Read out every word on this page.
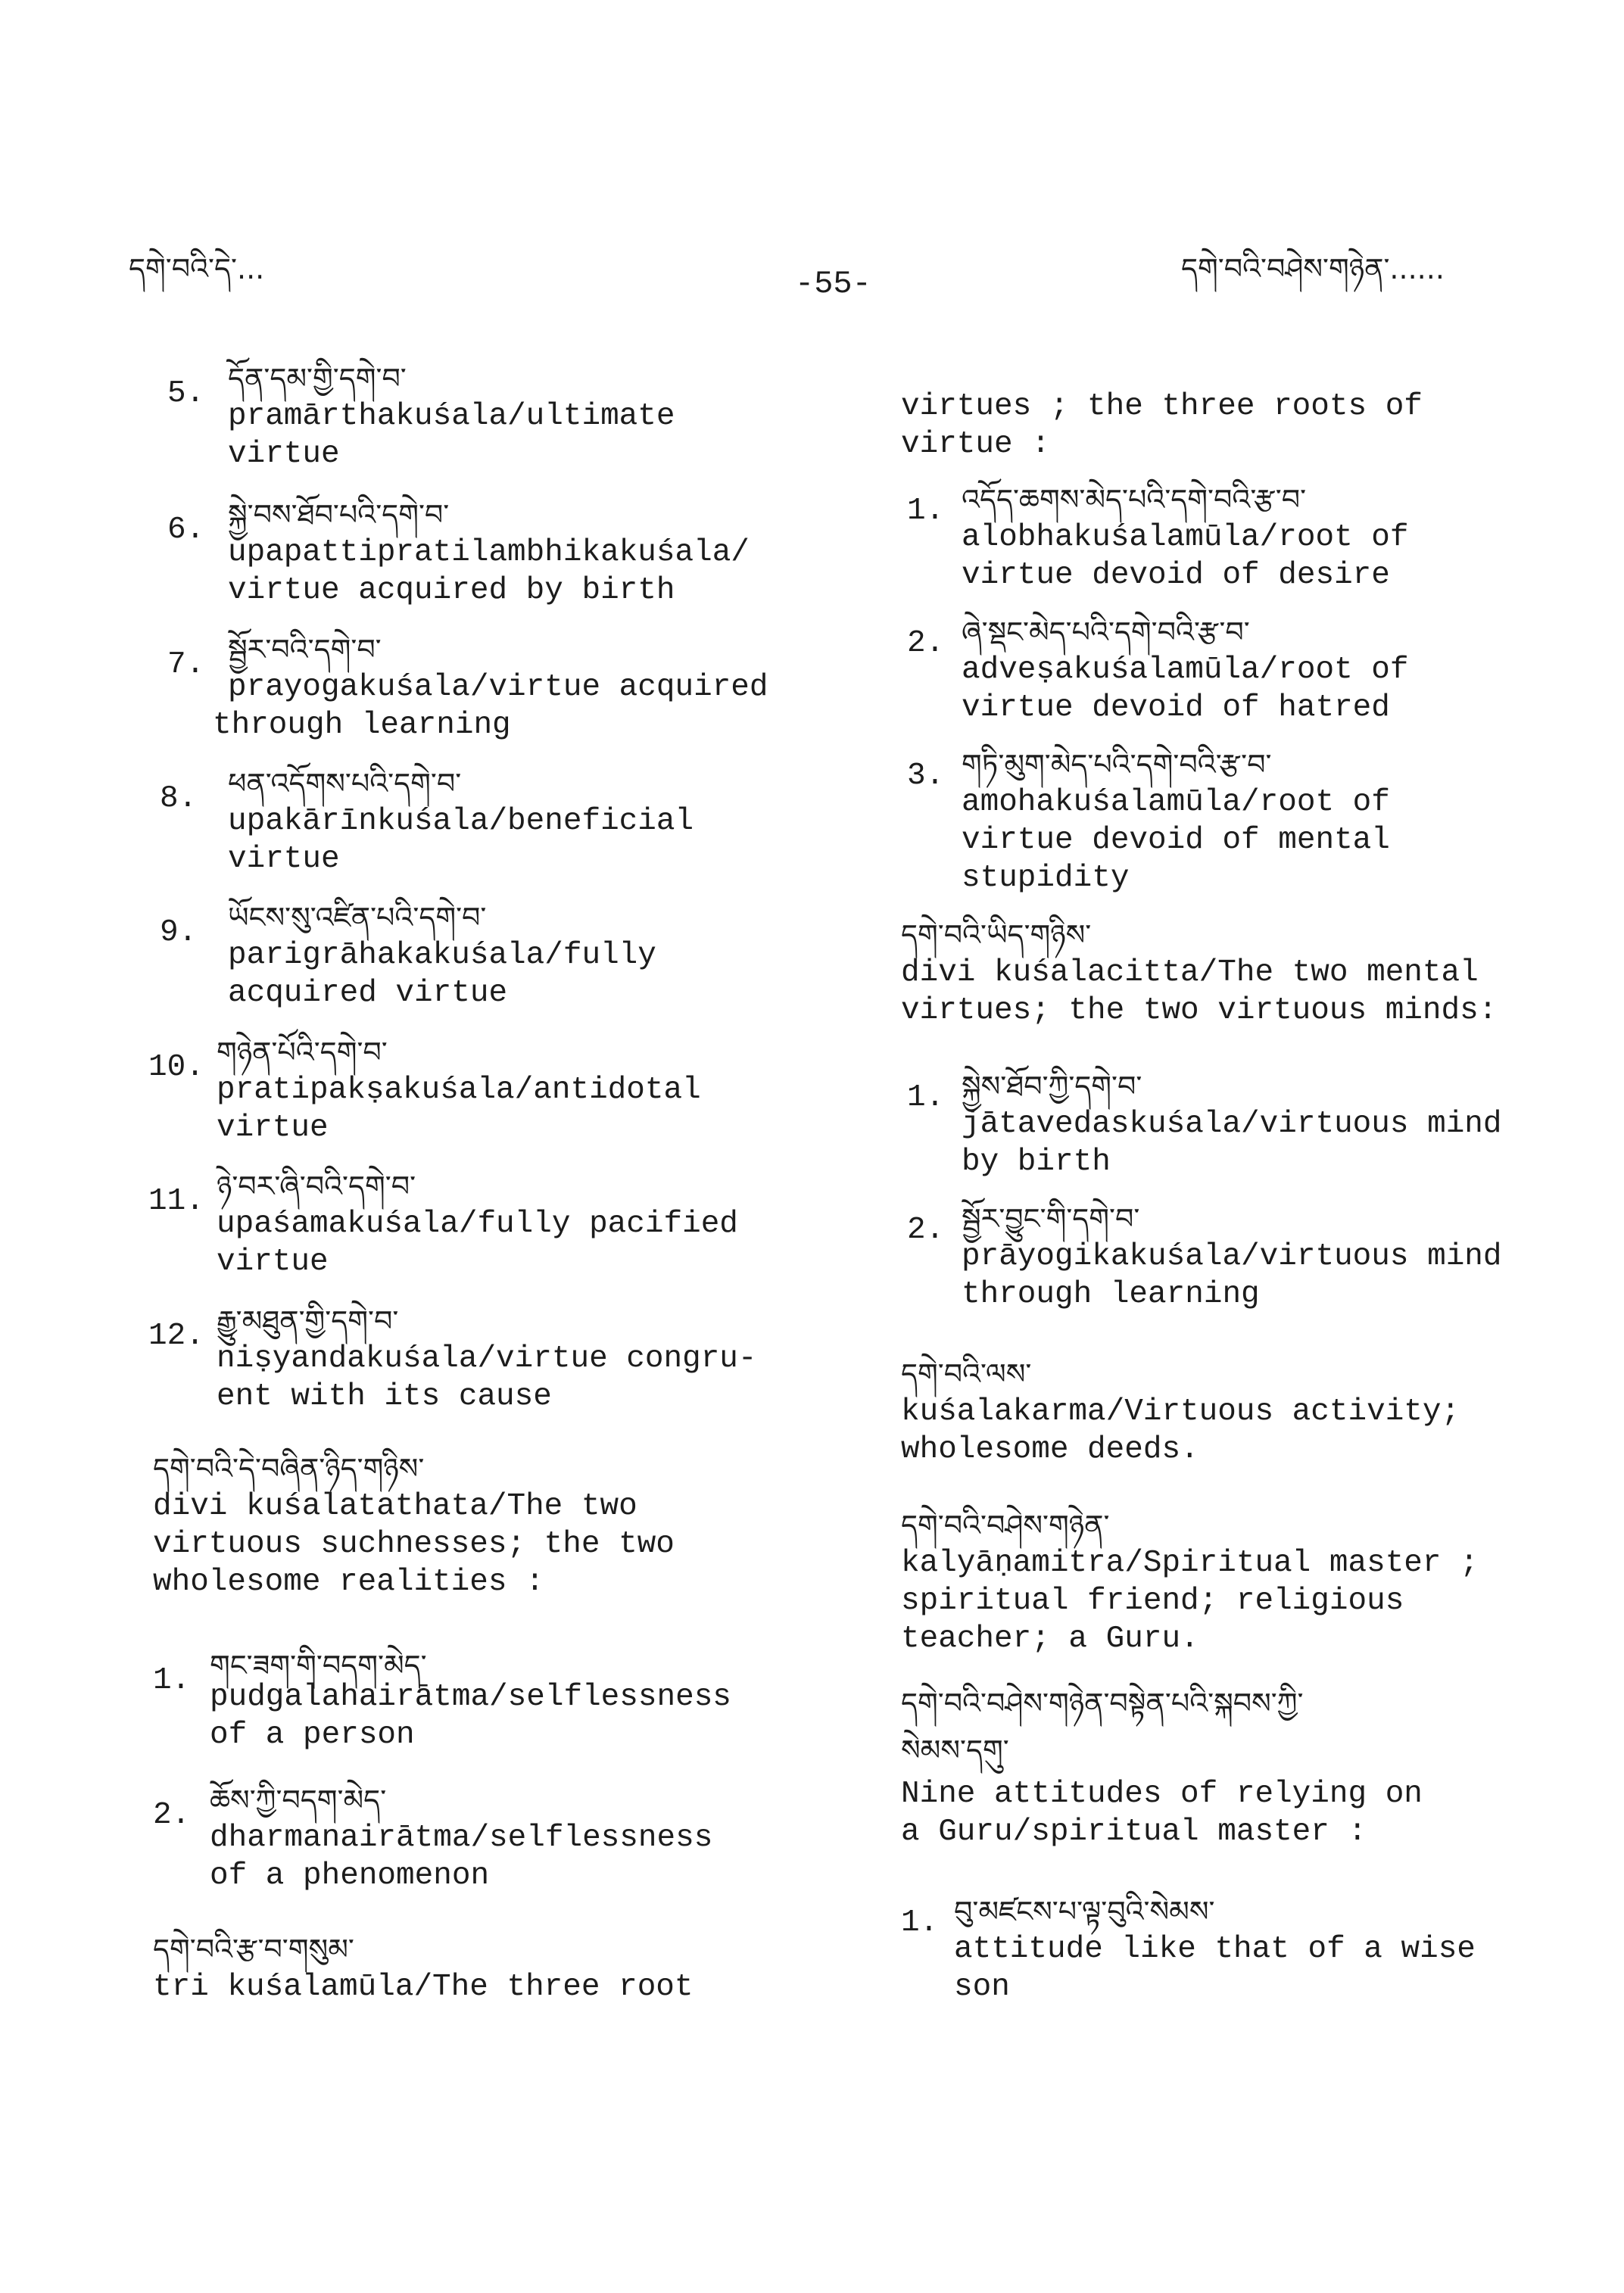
དགེ་བའི་དེ་...	-55-	དགེ་བའི་བཤེས་གཉེན་......
5. དོན་དམ་གྱི་དགེ་བ་
pramārthakuśala/ultimate
virtue
6. སྐྱེ་བས་ཐོབ་པའི་དགེ་བ་
upapattipratilambhikakuśala/
virtue acquired by birth
7. སྦྱོར་བའི་དགེ་བ་
prayogakuśala/virtue acquired
through learning
8. ཕན་འདོགས་པའི་དགེ་བ་
upakārīnkuśala/beneficial
virtue
9. ཡོངས་སུ་འཛིན་པའི་དགེ་བ་
parigrāhakakuśala/fully
acquired virtue
10. གཉེན་པོའི་དགེ་བ་
pratipakṣakuśala/antidotal
virtue
11. ཉེ་བར་ཞི་བའི་དགེ་བ་
upaśamakuśala/fully pacified
virtue
12. རྒྱུ་མཐུན་གྱི་དགེ་བ་
niṣyandakuśala/virtue congru-
ent with its cause
དགེ་བའི་དེ་བཞིན་ཉིད་གཉིས་
divi kuśalatathata/The two
virtuous suchnesses; the two
wholesome realities :
1. གང་ཟག་གི་བདག་མེད་
pudgalahairātma/selflessness
of a person
2. ཆོས་ཀྱི་བདག་མེད་
dharmanairātma/selflessness
of a phenomenon
དགེ་བའི་རྩ་བ་གསུམ་
tri kuśalamūla/The three root
virtues ; the three roots of
virtue :
1. འདོད་ཆགས་མེད་པའི་དགེ་བའི་རྩ་བ་
alobhakuśalamūla/root of
virtue devoid of desire
2. ཞེ་སྡང་མེད་པའི་དགེ་བའི་རྩ་བ་
adveṣakuśalamūla/root of
virtue devoid of hatred
3. གཏི་མུག་མེད་པའི་དགེ་བའི་རྩ་བ་
amohakuśalamūla/root of
virtue devoid of mental
stupidity
དགེ་བའི་ཡིད་གཉིས་
divi kuśalacitta/The two mental
virtues; the two virtuous minds:
1. སྐྱེས་ཐོབ་ཀྱི་དགེ་བ་
jātavedaskuśala/virtuous mind
by birth
2. སྦྱོར་བྱུང་གི་དགེ་བ་
prāyogikakuśala/virtuous mind
through learning
དགེ་བའི་ལས་
kuśalakarma/Virtuous activity;
wholesome deeds.
དགེ་བའི་བཤེས་གཉེན་
kalyāṇamitra/Spiritual master ;
spiritual friend; religious
teacher; a Guru.
དགེ་བའི་བཤེས་གཉེན་བསྟེན་པའི་སྐབས་ཀྱི་
སེམས་དགུ་
Nine attitudes of relying on
a Guru/spiritual master :
1. བུ་མཛངས་པ་ལྟ་བུའི་སེམས་
attitude like that of a wise
son
